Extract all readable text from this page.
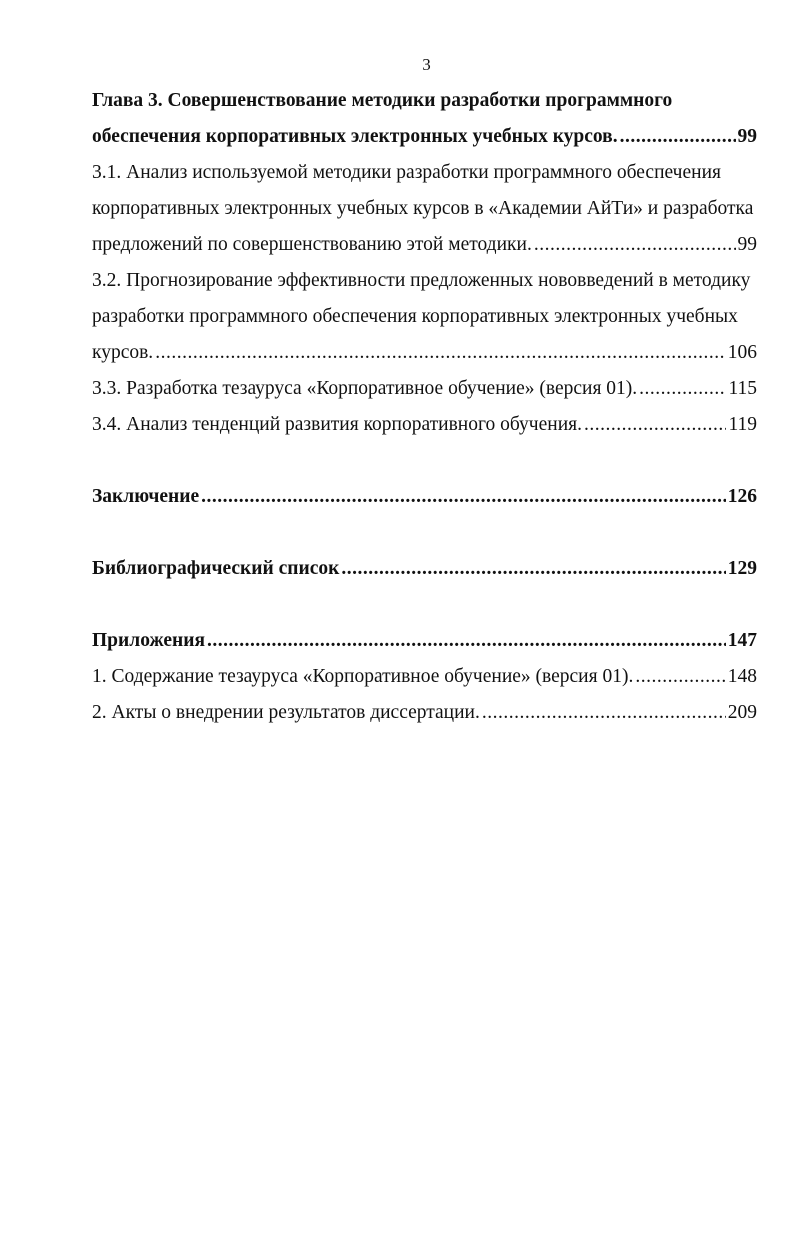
3
Глава 3. Совершенствование методики разработки программного
обеспечения корпоративных электронных учебных курсов. .....	99
3.1. Анализ используемой методики разработки программного обеспечения
корпоративных электронных учебных курсов в «Академии АйТи» и разработка
предложений по совершенствованию этой методики. .....	99
3.2. Прогнозирование эффективности предложенных нововведений в методику
разработки программного обеспечения корпоративных электронных учебных
курсов. .....	106
3.3. Разработка тезауруса «Корпоративное обучение» (версия 01). .....	115
3.4. Анализ тенденций развития корпоративного обучения. .....	119
Заключение .....	126
Библиографический список .....	129
Приложения .....	147
1. Содержание тезауруса «Корпоративное обучение» (версия 01). .....	148
2. Акты о внедрении результатов диссертации. .....	209
